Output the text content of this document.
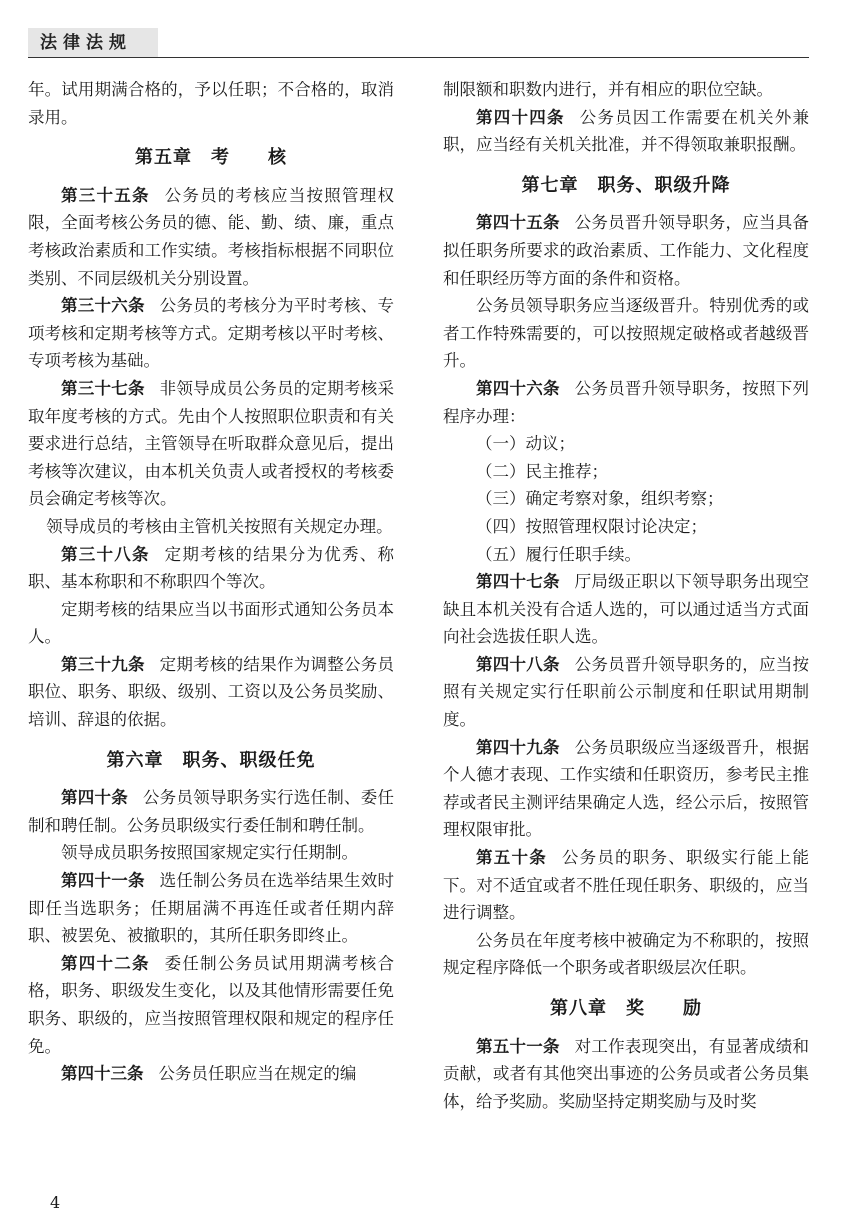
法律法规

年。试用期满合格的，予以任职；不合格的，取消录用。

第五章　考　　核

第三十五条 公务员的考核应当按照管理权限，全面考核公务员的德、能、勤、绩、廉，重点考核政治素质和工作实绩。考核指标根据不同职位类别、不同层级机关分别设置。

第三十六条 公务员的考核分为平时考核、专项考核和定期考核等方式。定期考核以平时考核、专项考核为基础。

第三十七条 非领导成员公务员的定期考核采取年度考核的方式。先由个人按照职位职责和有关要求进行总结，主管领导在听取群众意见后，提出考核等次建议，由本机关负责人或者授权的考核委员会确定考核等次。

领导成员的考核由主管机关按照有关规定办理。

第三十八条 定期考核的结果分为优秀、称职、基本称职和不称职四个等次。

定期考核的结果应当以书面形式通知公务员本人。

第三十九条 定期考核的结果作为调整公务员职位、职务、职级、级别、工资以及公务员奖励、培训、辞退的依据。

第六章　职务、职级任免

第四十条 公务员领导职务实行选任制、委任制和聘任制。公务员职级实行委任制和聘任制。

领导成员职务按照国家规定实行任期制。

第四十一条 选任制公务员在选举结果生效时即任当选职务；任期届满不再连任或者任期内辞职、被罢免、被撤职的，其所任职务即终止。

第四十二条 委任制公务员试用期满考核合格，职务、职级发生变化，以及其他情形需要任免职务、职级的，应当按照管理权限和规定的程序任免。

第四十三条 公务员任职应当在规定的编

制限额和职数内进行，并有相应的职位空缺。

第四十四条 公务员因工作需要在机关外兼职，应当经有关机关批准，并不得领取兼职报酬。

第七章　职务、职级升降

第四十五条 公务员晋升领导职务，应当具备拟任职务所要求的政治素质、工作能力、文化程度和任职经历等方面的条件和资格。

公务员领导职务应当逐级晋升。特别优秀的或者工作特殊需要的，可以按照规定破格或者越级晋升。

第四十六条 公务员晋升领导职务，按照下列程序办理：

（一）动议；

（二）民主推荐；

（三）确定考察对象，组织考察；

（四）按照管理权限讨论决定；

（五）履行任职手续。

第四十七条 厅局级正职以下领导职务出现空缺且本机关没有合适人选的，可以通过适当方式面向社会选拔任职人选。

第四十八条 公务员晋升领导职务的，应当按照有关规定实行任职前公示制度和任职试用期制度。

第四十九条 公务员职级应当逐级晋升，根据个人德才表现、工作实绩和任职资历，参考民主推荐或者民主测评结果确定人选，经公示后，按照管理权限审批。

第五十条 公务员的职务、职级实行能上能下。对不适宜或者不胜任现任职务、职级的，应当进行调整。

公务员在年度考核中被确定为不称职的，按照规定程序降低一个职务或者职级层次任职。

第八章　奖　　励

第五十一条 对工作表现突出，有显著成绩和贡献，或者有其他突出事迹的公务员或者公务员集体，给予奖励。奖励坚持定期奖励与及时奖

4
